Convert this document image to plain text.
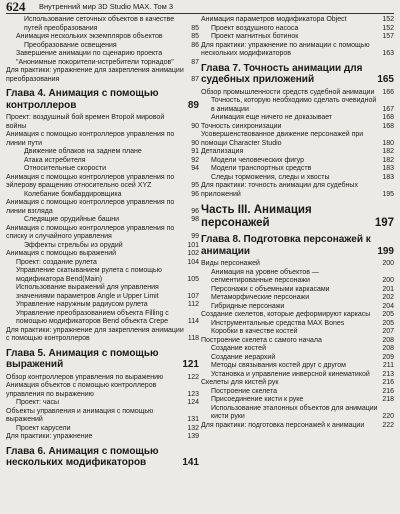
624 Внутренний мир 3D Studio MAX. Том 3
Использование сеточных объектов в качестве путей преобразования	85
Анимация нескольких экземпляров объектов	85
Преобразование освещения	86
Завершение анимации по сценарию проекта "Анонимные покорители-истребители торнадов"	87
Для практики: упражнение для закрепления анимации преобразования	87
Глава 4. Анимация с помощью контроллеров	89
Проект: воздушный бой времен Второй мировой войны	90
Анимация с помощью контроллеров управления по линии пути	90
Движение облаков на заднем плане	91
Атака истребителя	92
Относительные скорости	94
Анимация с помощью контроллеров управления по эйлерову вращению относительно осей XYZ	95
Колебание бомбардировщика	96
Анимация с помощью контроллеров управления по линии взгляда	96
Следящие орудийные башни	98
Анимация с помощью контроллеров управления по списку и случайного управления	99
Эффекты стрельбы из орудий	101
Анимация с помощью выражений	102
Проект: создание рулета	104
Управление скатыванием рулета с помощью модификатора Bend(Main)	105
Использование выражений для управления значениями параметров Angle и Upper Limit	107
Управление наружным радиусом рулета	112
Управление преобразованием объекта Filling с помощью модификаторов Bend объекта Crepe	114
Для практики: упражнение для закрепления анимации с помощью контроллеров	118
Глава 5. Анимация с помощью выражений	121
Обзор контроллеров управления по выражению	122
Анимация объектов с помощью контроллеров управления по выражению	123
Проект: часы	124
Объекты управления и анимация с помощью выражений	131
Проект карусели	132
Для практики: упражнение	139
Глава 6. Анимация с помощью нескольких модификаторов	141
Анимация параметров модификатора Object	152
Проект воздушного насоса	152
Проект магнитных ботинок	157
Для практики: упражнение по анимации с помощью нескольких модификаторов	163
Глава 7. Точность анимации для судебных приложений	165
Обзор промышленности средств судебной анимации	166
Точность, которую необходимо сделать очевидной в анимации	167
Анимация еще ничего не доказывает	168
Точность синхронизации	168
Усовершенствованное движение персонажей при помощи Character Studio	180
Детализация	182
Модели человеческих фигур	182
Модели транспортных средств	183
Следы торможения, следы и хвосты	183
Для практики: точность анимации для судебных приложений	195
Часть III. Анимация персонажей	197
Глава 8. Подготовка персонажей к анимации	199
Виды персонажей	200
Анимация на уровне объектов — сегментированные персонажи	200
Персонажи с объемными каркасами	201
Метаморфические персонажи	202
Гибридные персонажи	204
Создание скелетов, которые деформируют каркасы	205
Инструментальные средства MAX Bones	205
Коробки в качестве костей	207
Построение скелета с самого начала	208
Создание костей	208
Создание иерархий	209
Методы связывания костей друг с другом	211
Установка и управление инверсной кинематикой	213
Скелеты для кистей рук	216
Построение скелета	216
Присоединение кисти к руке	218
Использование эталонных объектов для анимации кисти руки	220
Для практики: подготовка персонажей к анимации	222
